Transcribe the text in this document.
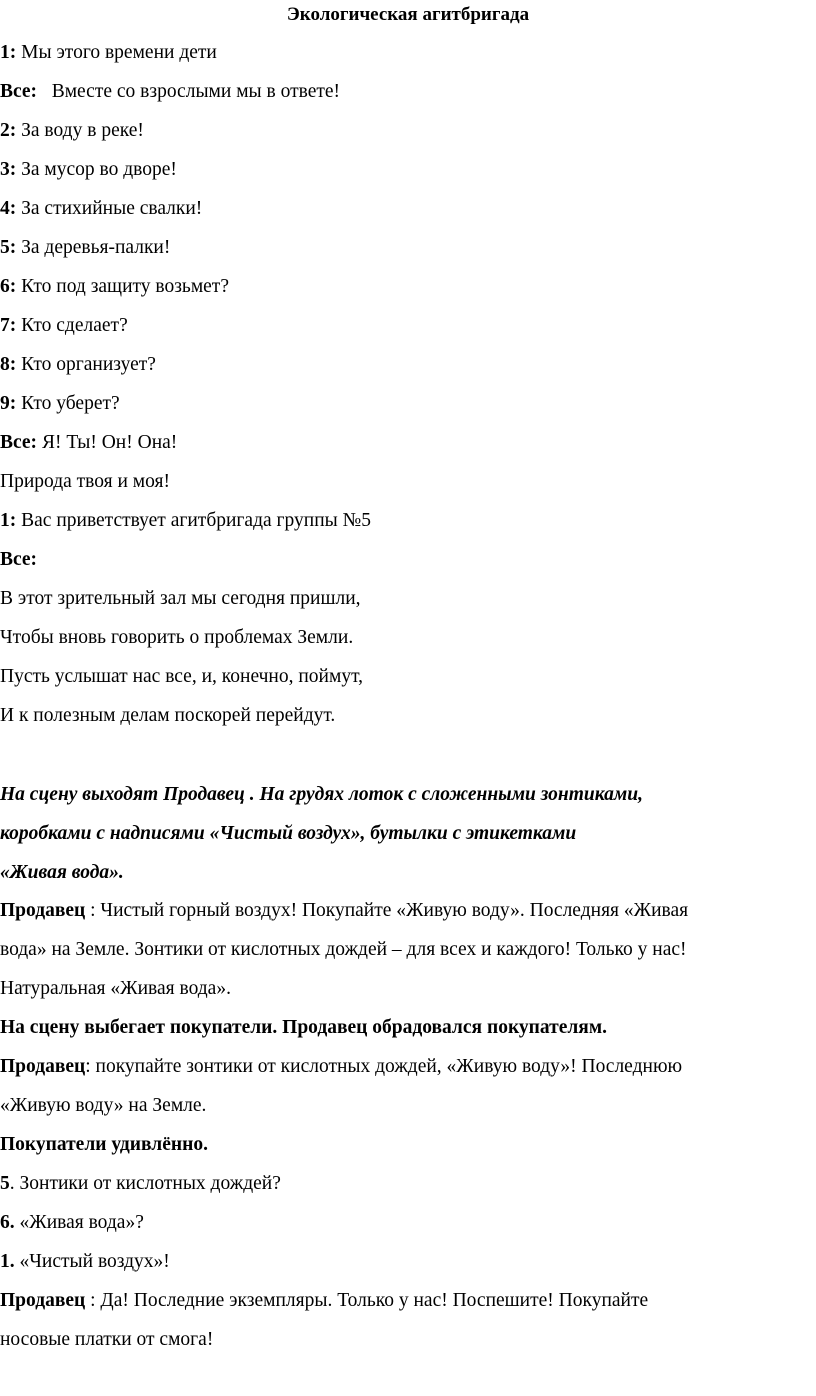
Экологическая агитбригада
1: Мы этого времени дети
Все:   Вместе со взрослыми мы в ответе!
2: За воду в реке!
3: За мусор во дворе!
4: За стихийные свалки!
5: За деревья-палки!
6: Кто под защиту возьмет?
7: Кто сделает?
8: Кто организует?
9: Кто уберет?
Все: Я! Ты! Он! Она!
Природа твоя и моя!
1: Вас приветствует агитбригада группы №5
Все:
В этот зрительный зал мы сегодня пришли,
Чтобы вновь говорить о проблемах Земли.
Пусть услышат нас все, и, конечно, поймут,
И к полезным делам поскорей перейдут.
На сцену выходят Продавец . На грудях лоток с сложенными зонтиками,
коробками с надписями «Чистый воздух», бутылки с этикетками
«Живая вода».
Продавец : Чистый горный воздух! Покупайте «Живую воду». Последняя «Живая
вода» на Земле. Зонтики от кислотных дождей – для всех и каждого! Только у нас!
Натуральная «Живая вода».
На сцену выбегает покупатели. Продавец обрадовался покупателям.
Продавец: покупайте зонтики от кислотных дождей, «Живую воду»! Последнюю
«Живую воду» на Земле.
Покупатели удивлённо.
5. Зонтики от кислотных дождей?
6. «Живая вода»?
1. «Чистый воздух»!
Продавец : Да! Последние экземпляры. Только у нас! Поспешите! Покупайте
носовые платки от смога!
